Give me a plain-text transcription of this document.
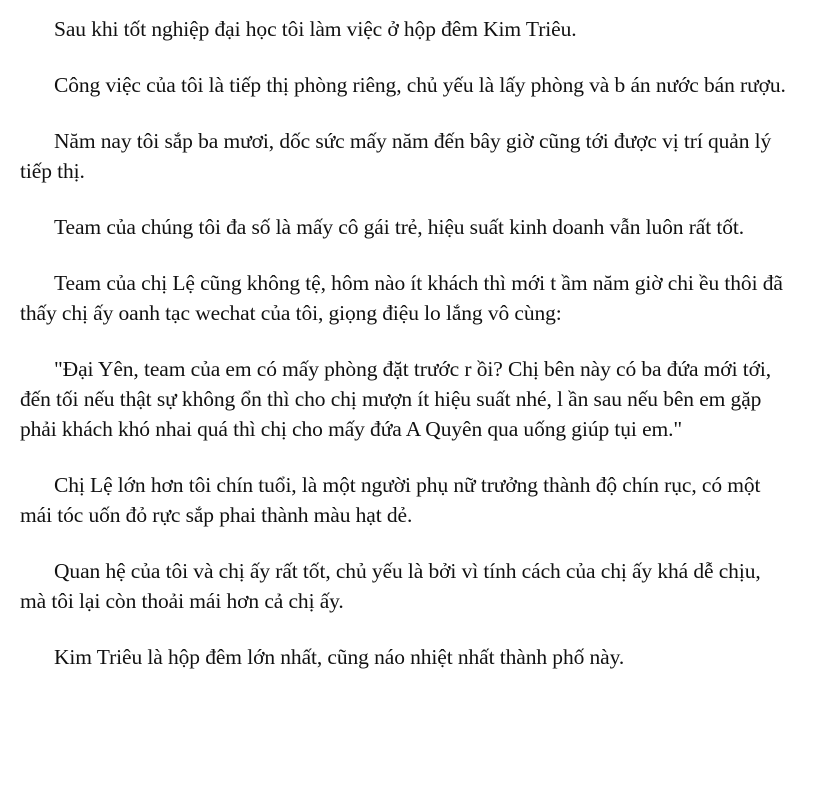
Sau khi tốt nghiệp đại học tôi làm việc ở hộp đêm Kim Triêu.

Công việc của tôi là tiếp thị phòng riêng, chủ yếu là lấy phòng và b án nước bán rượu.

Năm nay tôi sắp ba mươi, dốc sức mấy năm đến bây giờ cũng tới được vị trí quản lý tiếp thị.

Team của chúng tôi đa số là mấy cô gái trẻ, hiệu suất kinh doanh vẫn luôn rất tốt.

Team của chị Lệ cũng không tệ, hôm nào ít khách thì mới t ầm năm giờ chi ều thôi đã thấy chị ấy oanh tạc wechat của tôi, giọng điệu lo lắng vô cùng:

"Đại Yên, team của em có mấy phòng đặt trước r ồi? Chị bên này có ba đứa mới tới, đến tối nếu thật sự không ổn thì cho chị mượn ít hiệu suất nhé, l ần sau nếu bên em gặp phải khách khó nhai quá thì chị cho mấy đứa A Quyên qua uống giúp tụi em."

Chị Lệ lớn hơn tôi chín tuổi, là một người phụ nữ trưởng thành độ chín rục, có một mái tóc uốn đỏ rực sắp phai thành màu hạt dẻ.

Quan hệ của tôi và chị ấy rất tốt, chủ yếu là bởi vì tính cách của chị ấy khá dễ chịu, mà tôi lại còn thoải mái hơn cả chị ấy.

Kim Triêu là hộp đêm lớn nhất, cũng náo nhiệt nhất thành phố này.
